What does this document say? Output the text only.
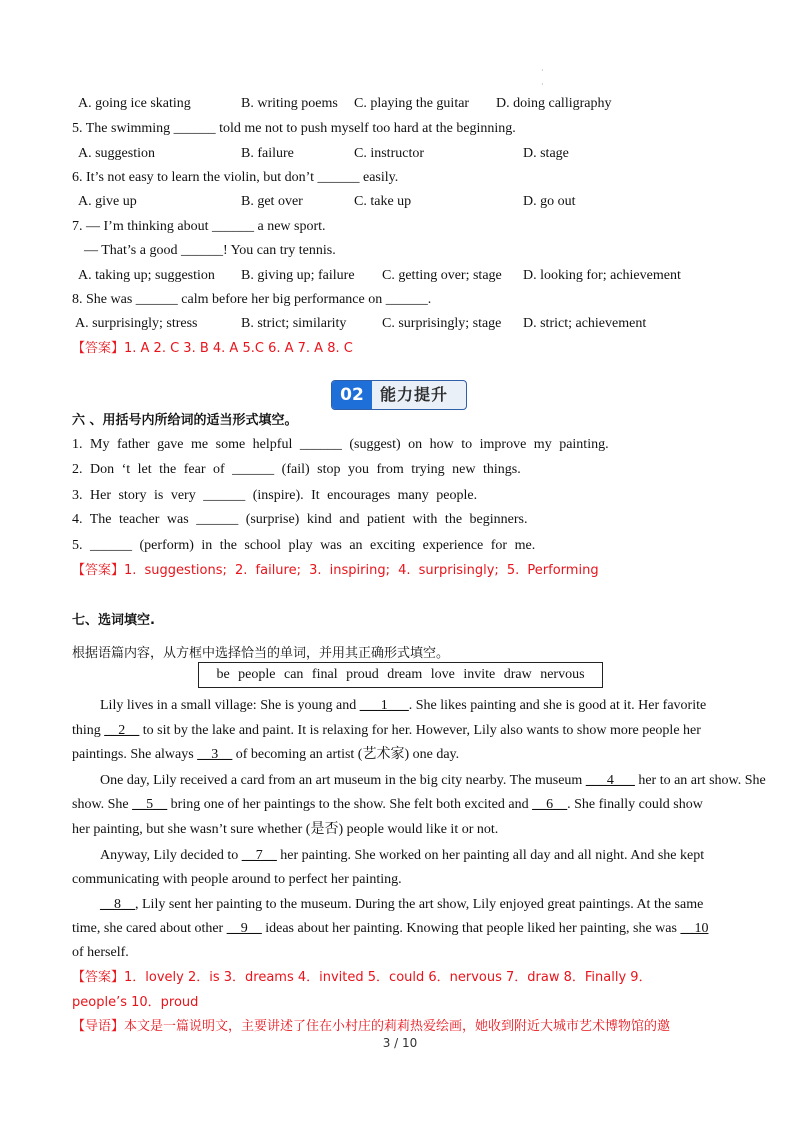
·
·
A. going ice skating	B. writing poems C. playing the guitar D. doing calligraphy
5. The swimming ______ told me not to push myself too hard at the beginning.
A. suggestion	B. failure	C. instructor	D. stage
6. It’s not easy to learn the violin, but don’t ______ easily.
A. give up	B. get over	C. take up	D. go out
7. — I’m thinking about ______ a new sport.
— That’s a good ______! You can try tennis.
A. taking up; suggestion B. giving up; failure C. getting over; stage D. looking for; achievement
8. She was ______ calm before her big performance on ______.
A. surprisingly; stress	B. strict; similarity	C. surprisingly; stage D. strict; achievement
【答案】1. A 2. C 3. B 4. A 5.C 6. A 7. A 8. C
02	能力提升
六 、用括号内所给词的适当形式填空。
1. My father gave me some helpful ______ (suggest) on how to improve my painting.
2. Don ‘t let the fear of ______ (fail) stop you from trying new things.
3. Her story is very ______ (inspire). It encourages many people.
4. The teacher was ______ (surprise) kind and patient with the beginners.
5. ______ (perform) in the school play was an exciting experience for me.
【答案】1. suggestions; 2. failure; 3. inspiring; 4. surprisingly; 5. Performing
七、选词填空.
根据语篇内容，从方框中选择恰当的单词，并用其正确形式填空。
be people can final proud dream love invite draw nervous
Lily lives in a small village: She is young and ___1___. She likes painting and she is good at it. Her favorite
thing __2__ to sit by the lake and paint. It is relaxing for her. However, Lily also wants to show more people her
paintings. She always __3__ of becoming an artist (艺术家) one day.
One day, Lily received a card from an art museum in the big city nearby. The museum ___4___ her to an art show. She
show. She __5__ bring one of her paintings to the show. She felt both excited and __6__. She finally could show
her painting, but she wasn’t sure whether (是否) people would like it or not.
Anyway, Lily decided to __7__ her painting. She worked on her painting all day and all night. And she kept
communicating with people around to perfect her painting.
__8__, Lily sent her painting to the museum. During the art show, Lily enjoyed great paintings. At the same
time, she cared about other __9__ ideas about her painting. Knowing that people liked her painting, she was __10
of herself.
【答案】1．lovely 2．is 3．dreams 4．invited 5．could 6．nervous 7．draw 8．Finally 9．
people’s 10．proud
【导语】本文是一篇说明文，主要讲述了住在小村庄的莉莉热爱绘画，她收到附近大城市艺术博物馆的邀
3 / 10
